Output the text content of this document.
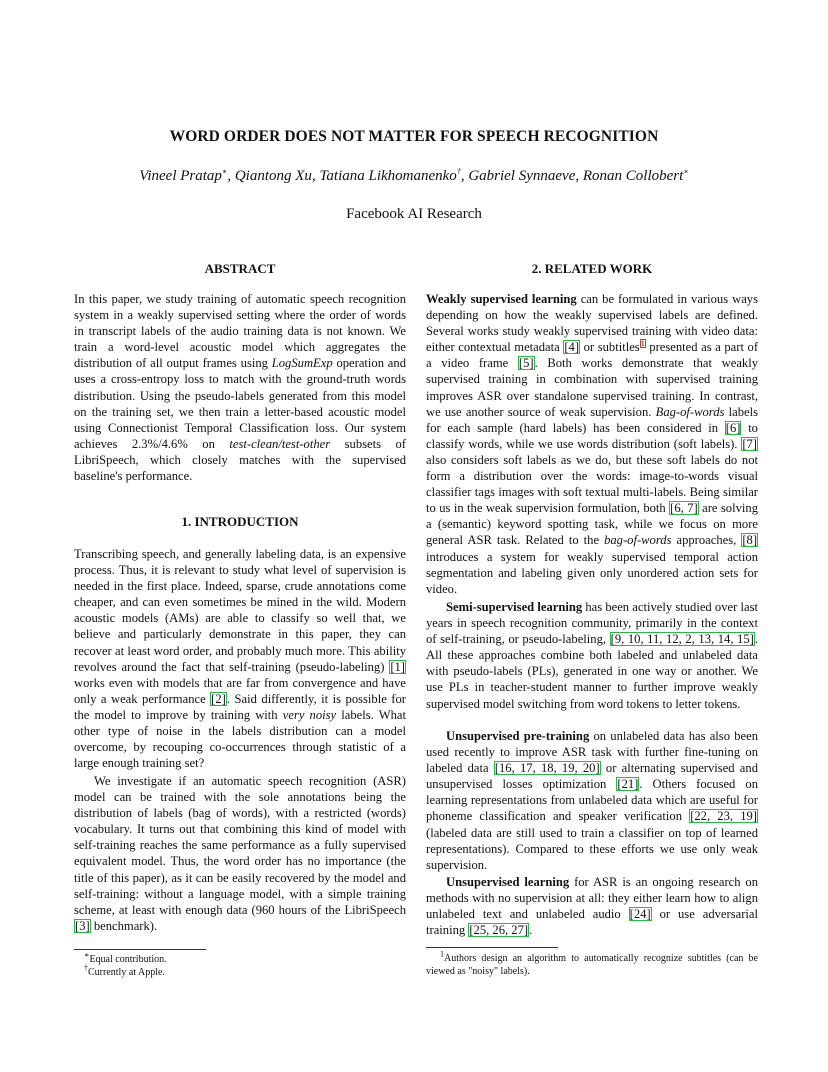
WORD ORDER DOES NOT MATTER FOR SPEECH RECOGNITION
Vineel Pratap∗, Qiantong Xu, Tatiana Likhomanenko†, Gabriel Synnaeve, Ronan Collobert∗
Facebook AI Research
ABSTRACT

In this paper, we study training of automatic speech recognition system in a weakly supervised setting where the order of words in transcript labels of the audio training data is not known. We train a word-level acoustic model which aggregates the distribution of all output frames using LogSumExp operation and uses a cross-entropy loss to match with the ground-truth words distribution. Using the pseudo-labels generated from this model on the training set, we then train a letter-based acoustic model using Connectionist Temporal Classification loss. Our system achieves 2.3%/4.6% on test-clean/test-other subsets of LibriSpeech, which closely matches with the supervised baseline's performance.

1. INTRODUCTION

Transcribing speech, and generally labeling data, is an expensive process. Thus, it is relevant to study what level of supervision is needed in the first place. Indeed, sparse, crude annotations come cheaper, and can even sometimes be mined in the wild. Modern acoustic models (AMs) are able to classify so well that, we believe and particularly demonstrate in this paper, they can recover at least word order, and probably much more. This ability revolves around the fact that self-training (pseudo-labeling) [1] works even with models that are far from convergence and have only a weak performance [2]. Said differently, it is possible for the model to improve by training with very noisy labels. What other type of noise in the labels distribution can a model overcome, by recouping co-occurrences through statistic of a large enough training set?

We investigate if an automatic speech recognition (ASR) model can be trained with the sole annotations being the distribution of labels (bag of words), with a restricted (words) vocabulary. It turns out that combining this kind of model with self-training reaches the same performance as a fully supervised equivalent model. Thus, the word order has no importance (the title of this paper), as it can be easily recovered by the model and self-training: without a language model, with a simple training scheme, at least with enough data (960 hours of the LibriSpeech [3] benchmark).

∗Equal contribution.
†Currently at Apple.
2. RELATED WORK

Weakly supervised learning can be formulated in various ways depending on how the weakly supervised labels are defined. Several works study weakly supervised training with video data: either contextual metadata [4] or subtitles$^1$ presented as a part of a video frame [5]. Both works demonstrate that weakly supervised training in combination with supervised training improves ASR over standalone supervised training. In contrast, we use another source of weak supervision. Bag-of-words labels for each sample (hard labels) has been considered in [6] to classify words, while we use words distribution (soft labels). [7] also considers soft labels as we do, but these soft labels do not form a distribution over the words: image-to-words visual classifier tags images with soft textual multi-labels. Being similar to us in the weak supervision formulation, both [6, 7] are solving a (semantic) keyword spotting task, while we focus on more general ASR task. Related to the bag-of-words approaches, [8] introduces a system for weakly supervised temporal action segmentation and labeling given only unordered action sets for video.

Semi-supervised learning has been actively studied over last years in speech recognition community, primarily in the context of self-training, or pseudo-labeling, [9, 10, 11, 12, 2, 13, 14, 15]. All these approaches combine both labeled and unlabeled data with pseudo-labels (PLs), generated in one way or another. We use PLs in teacher-student manner to further improve weakly supervised model switching from word tokens to letter tokens.

Unsupervised pre-training on unlabeled data has also been used recently to improve ASR task with further fine-tuning on labeled data [16, 17, 18, 19, 20] or alternating supervised and unsupervised losses optimization [21]. Others focused on learning representations from unlabeled data which are useful for phoneme classification and speaker verification [22, 23, 19] (labeled data are still used to train a classifier on top of learned representations). Compared to these efforts we use only weak supervision.

Unsupervised learning for ASR is an ongoing research on methods with no supervision at all: they either learn how to align unlabeled text and unlabeled audio [24] or use adversarial training [25, 26, 27].

$^1$Authors design an algorithm to automatically recognize subtitles (can be viewed as "noisy" labels).
